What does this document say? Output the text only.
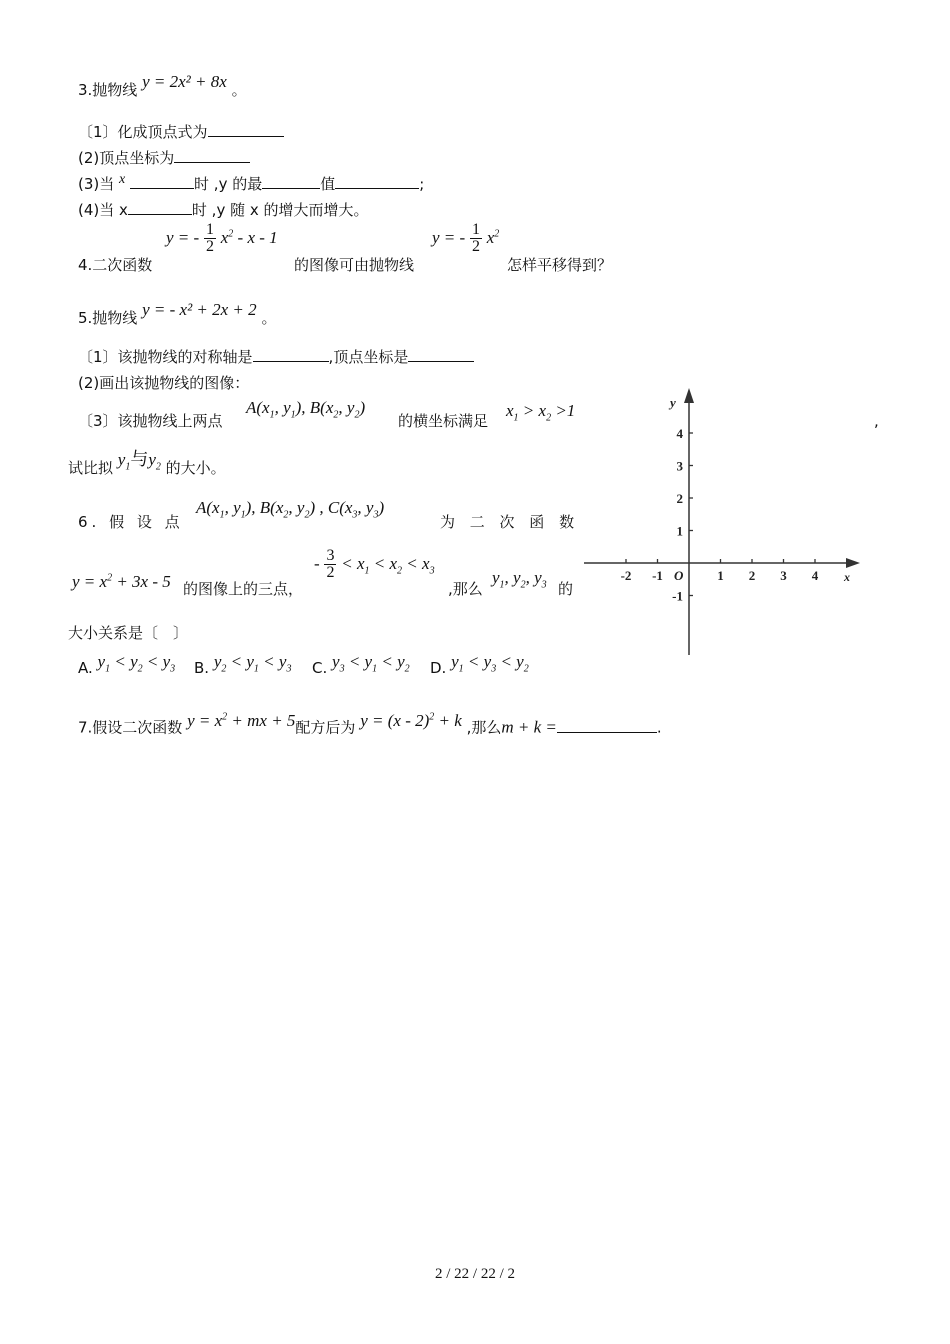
3.抛物线 y = 2x² + 8x 。
〔1〕化成顶点式为
(2)顶点坐标为
(3)当 x	时 ,y 的最	值	;
(4)当 x	时 ,y 随 x 的增大而增大。
4.二次函数
y = - $\frac{1}{2} x^2$ - x - 1
的图像可由抛物线
y = - $\frac{1}{2} x^2$
怎样平移得到？
5.抛物线 y = - x² + 2x + 2 。
〔1〕该抛物线的对称轴是	,顶点坐标是
(2)画出该抛物线的图像：
〔3〕该抛物线上两点
$A(x_1$, $y_1$), $B(x_2$, $y_2$)
的横坐标满足
$x_1 > x_2 >1$
,
试比拟 $y_1$与$y_2$ 的大小。
6. 假 设 点
$A(x_1$, $y_1$), $B(x_2$, $y_2$) , $C(x_3$, $y_3$)
为 二 次 函 数
$y = x^2 + 3x - 5$ 的图像上的三点，
- $\frac{3}{2} < x_1 < x_2 < x_3$
,那么
$y_1$, $y_2$, $y_3$ 的
大小关系是〔　〕
A. $y_1 < y_2 < y_3$ B. $y_2 < y_1 < y_3$ C. $y_3 < y_1 < y_2$ D. $y_1 < y_3 < y_2$
7.假设二次函数 $y = x^2$ + mx + 5配方后为 y = (x - 2)$^2$ + k ,那么m + k =	.
-2 -1	1 2 3 4
4
3
2
1
-1
y
x
O
2 / 22 / 22 / 2
